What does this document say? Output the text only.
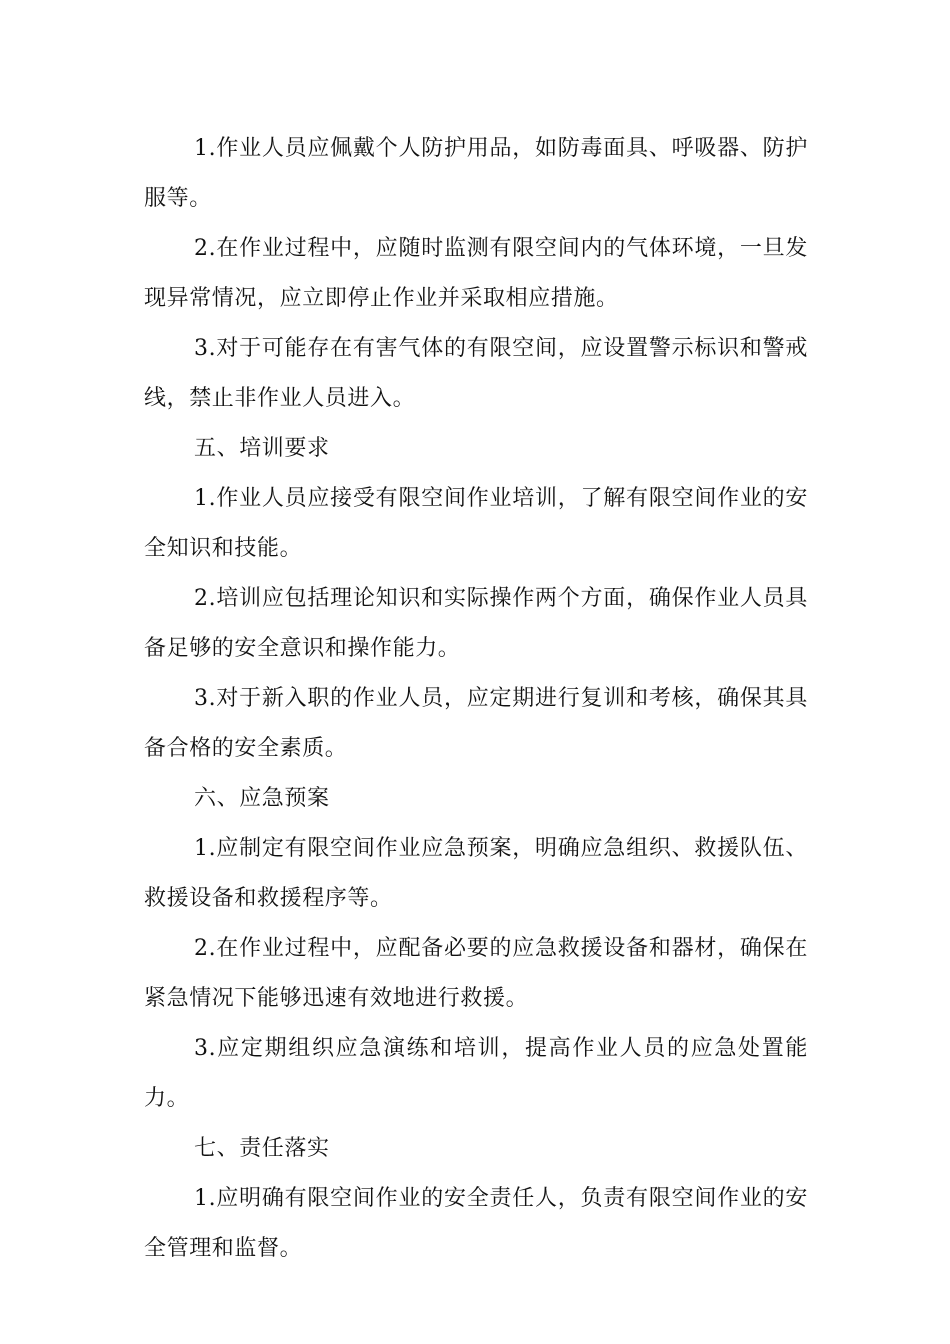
1.作业人员应佩戴个人防护用品，如防毒面具、呼吸器、防护服等。

2.在作业过程中，应随时监测有限空间内的气体环境，一旦发现异常情况，应立即停止作业并采取相应措施。

3.对于可能存在有害气体的有限空间，应设置警示标识和警戒线，禁止非作业人员进入。

五、培训要求

1.作业人员应接受有限空间作业培训，了解有限空间作业的安全知识和技能。

2.培训应包括理论知识和实际操作两个方面，确保作业人员具备足够的安全意识和操作能力。

3.对于新入职的作业人员，应定期进行复训和考核，确保其具备合格的安全素质。

六、应急预案

1.应制定有限空间作业应急预案，明确应急组织、救援队伍、救援设备和救援程序等。

2.在作业过程中，应配备必要的应急救援设备和器材，确保在紧急情况下能够迅速有效地进行救援。

3.应定期组织应急演练和培训，提高作业人员的应急处置能力。

七、责任落实

1.应明确有限空间作业的安全责任人，负责有限空间作业的安全管理和监督。
